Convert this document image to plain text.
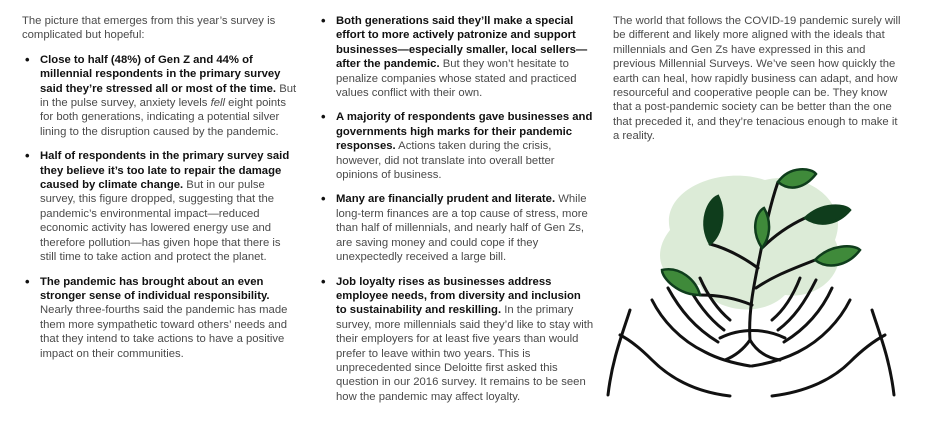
The picture that emerges from this year’s survey is complicated but hopeful:

• Close to half (48%) of Gen Z and 44% of millennial respondents in the primary survey said they’re stressed all or most of the time. But in the pulse survey, anxiety levels fell eight points for both generations, indicating a potential silver lining to the disruption caused by the pandemic.
• Half of respondents in the primary survey said they believe it’s too late to repair the damage caused by climate change. But in our pulse survey, this figure dropped, suggesting that the pandemic’s environmental impact—reduced economic activity has lowered energy use and therefore pollution—has given hope that there is still time to take action and protect the planet.
• The pandemic has brought about an even stronger sense of individual responsibility. Nearly three-fourths said the pandemic has made them more sympathetic toward others’ needs and that they intend to take actions to have a positive impact on their communities.
• Both generations said they’ll make a special effort to more actively patronize and support businesses—especially smaller, local sellers—after the pandemic. But they won’t hesitate to penalize companies whose stated and practiced values conflict with their own.
• A majority of respondents gave businesses and governments high marks for their pandemic responses. Actions taken during the crisis, however, did not translate into overall better opinions of business.
• Many are financially prudent and literate. While long-term finances are a top cause of stress, more than half of millennials, and nearly half of Gen Zs, are saving money and could cope if they unexpectedly received a large bill.
• Job loyalty rises as businesses address employee needs, from diversity and inclusion to sustainability and reskilling. In the primary survey, more millennials said they’d like to stay with their employers for at least five years than would prefer to leave within two years. This is unprecedented since Deloitte first asked this question in our 2016 survey. It remains to be seen how the pandemic may affect loyalty.

The world that follows the COVID-19 pandemic surely will be different and likely more aligned with the ideals that millennials and Gen Zs have expressed in this and previous Millennial Surveys. We’ve seen how quickly the earth can heal, how rapidly business can adapt, and how resourceful and cooperative people can be. They know that a post-pandemic society can be better than the one that preceded it, and they’re tenacious enough to make it a reality.
